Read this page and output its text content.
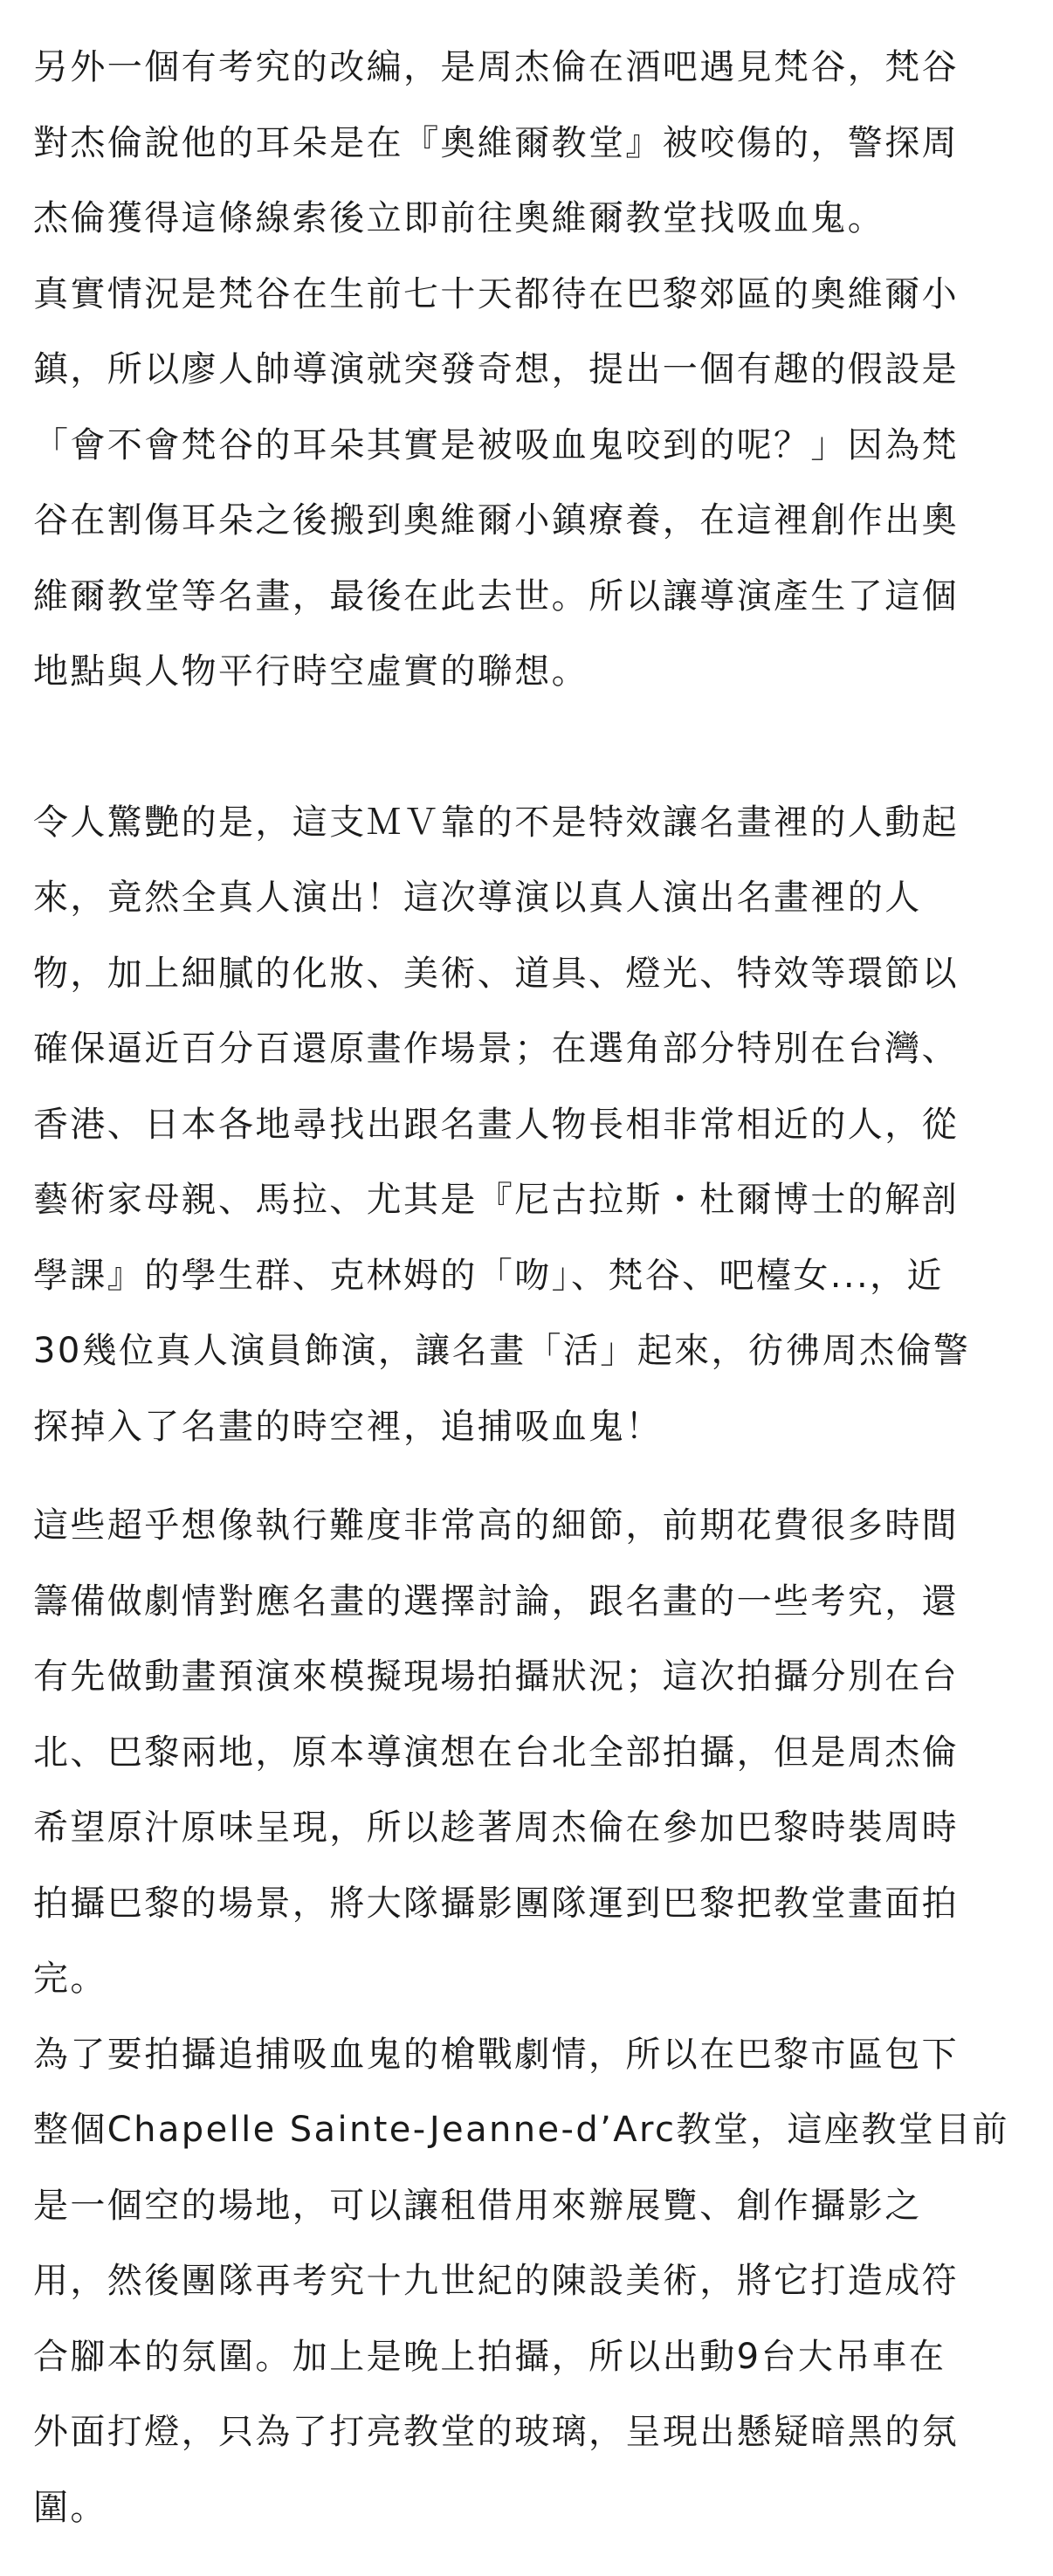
另外一個有考究的改編，是周杰倫在酒吧遇見梵谷，梵谷
對杰倫說他的耳朵是在『奧維爾教堂』被咬傷的，警探周
杰倫獲得這條線索後立即前往奧維爾教堂找吸血鬼。

真實情況是梵谷在生前七十天都待在巴黎郊區的奧維爾小
鎮，所以廖人帥導演就突發奇想，提出一個有趣的假設是
「會不會梵谷的耳朵其實是被吸血鬼咬到的呢？」因為梵
谷在割傷耳朵之後搬到奧維爾小鎮療養，在這裡創作出奧
維爾教堂等名畫，最後在此去世。所以讓導演產生了這個
地點與人物平行時空虛實的聯想。

令人驚艷的是，這支ＭＶ靠的不是特效讓名畫裡的人動起
來，竟然全真人演出！這次導演以真人演出名畫裡的人
物，加上細膩的化妝、美術、道具、燈光、特效等環節以
確保逼近百分百還原畫作場景；在選角部分特別在台灣、
香港、日本各地尋找出跟名畫人物長相非常相近的人，從
藝術家母親、馬拉、尤其是『尼古拉斯・杜爾博士的解剖
學課』的學生群、克林姆的「吻」、梵谷、吧檯女...，近
30幾位真人演員飾演，讓名畫「活」起來，彷彿周杰倫警
探掉入了名畫的時空裡，追捕吸血鬼！

這些超乎想像執行難度非常高的細節，前期花費很多時間
籌備做劇情對應名畫的選擇討論，跟名畫的一些考究，還
有先做動畫預演來模擬現場拍攝狀況；這次拍攝分別在台
北、巴黎兩地，原本導演想在台北全部拍攝，但是周杰倫
希望原汁原味呈現，所以趁著周杰倫在參加巴黎時裝周時
拍攝巴黎的場景，將大隊攝影團隊運到巴黎把教堂畫面拍
完。

為了要拍攝追捕吸血鬼的槍戰劇情，所以在巴黎市區包下
整個Chapelle Sainte-Jeanne-d’Arc教堂，這座教堂目前
是一個空的場地，可以讓租借用來辦展覽、創作攝影之
用，然後團隊再考究十九世紀的陳設美術，將它打造成符
合腳本的氛圍。加上是晚上拍攝，所以出動9台大吊車在
外面打燈，只為了打亮教堂的玻璃，呈現出懸疑暗黑的氛
圍。
